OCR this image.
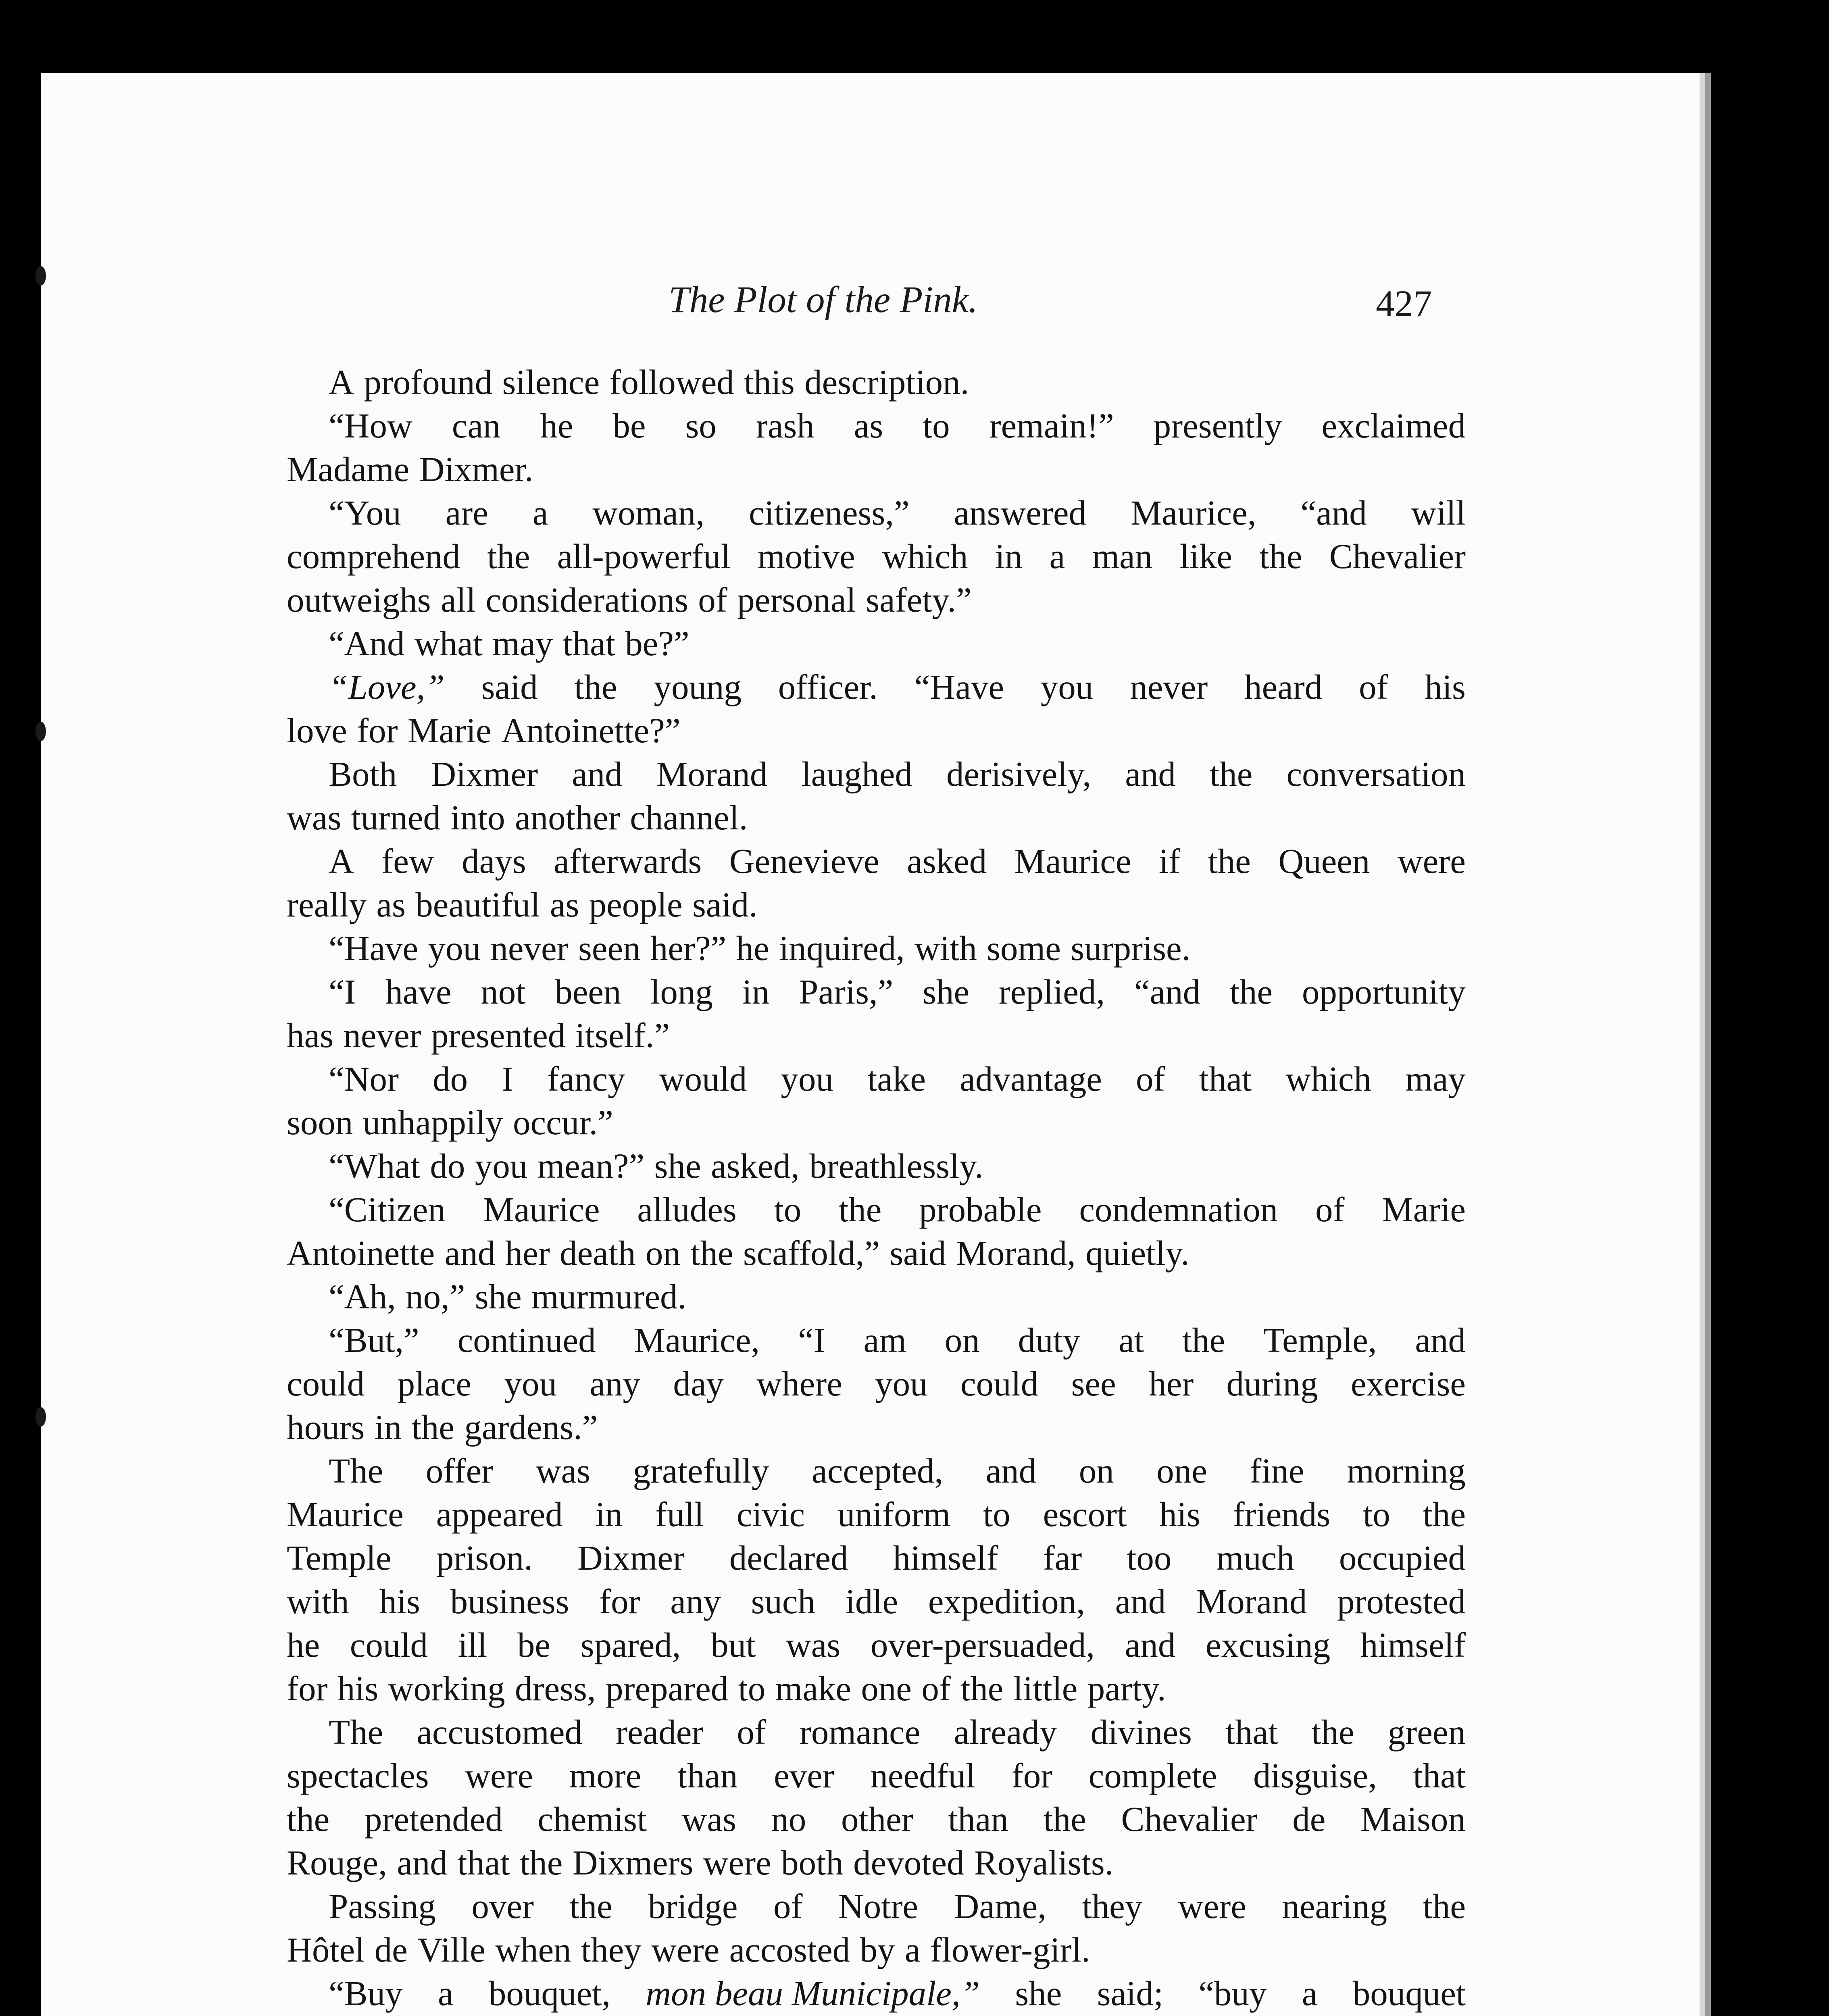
The Plot of the Pink.	427
A profound silence followed this description.
“How can he be so rash as to remain!” presently exclaimed
Madame Dixmer.
“You are a woman, citizeness,” answered Maurice, “and will
comprehend the all-powerful motive which in a man like the Chevalier
outweighs all considerations of personal safety.”
“And what may that be?”
“Love,” said the young officer. “Have you never heard of his
love for Marie Antoinette?”
Both Dixmer and Morand laughed derisively, and the conversation
was turned into another channel.
A few days afterwards Genevieve asked Maurice if the Queen were
really as beautiful as people said.
“Have you never seen her?” he inquired, with some surprise.
“I have not been long in Paris,” she replied, “and the opportunity
has never presented itself.”
“Nor do I fancy would you take advantage of that which may
soon unhappily occur.”
“What do you mean?” she asked, breathlessly.
“Citizen Maurice alludes to the probable condemnation of Marie
Antoinette and her death on the scaffold,” said Morand, quietly.
“Ah, no,” she murmured.
“But,” continued Maurice, “I am on duty at the Temple, and
could place you any day where you could see her during exercise
hours in the gardens.”
The offer was gratefully accepted, and on one fine morning
Maurice appeared in full civic uniform to escort his friends to the
Temple prison. Dixmer declared himself far too much occupied
with his business for any such idle expedition, and Morand protested
he could ill be spared, but was over-persuaded, and excusing himself
for his working dress, prepared to make one of the little party.
The accustomed reader of romance already divines that the green
spectacles were more than ever needful for complete disguise, that
the pretended chemist was no other than the Chevalier de Maison
Rouge, and that the Dixmers were both devoted Royalists.
Passing over the bridge of Notre Dame, they were nearing the
Hôtel de Ville when they were accosted by a flower-girl.
“Buy a bouquet, mon beau Municipale,” she said; “buy a bouquet
